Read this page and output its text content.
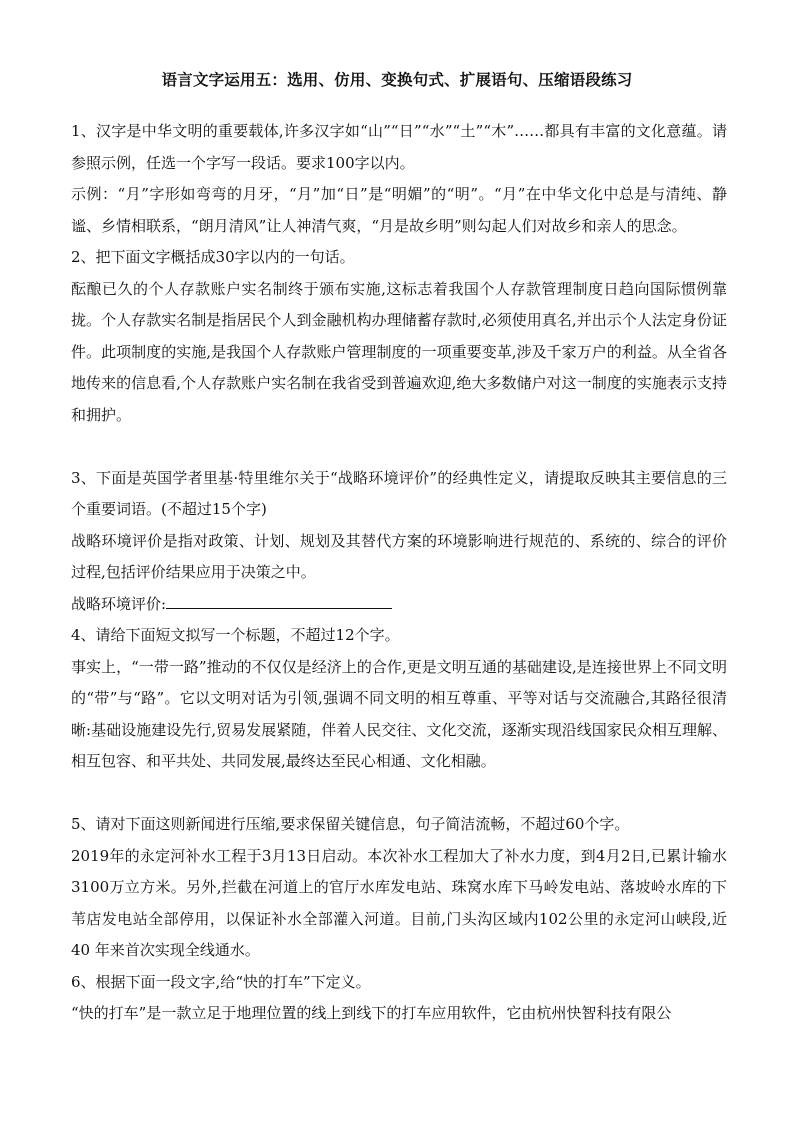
语言文字运用五：选用、仿用、变换句式、扩展语句、压缩语段练习

1、汉字是中华文明的重要载体,许多汉字如“山”“日”“水”“土”“木”……都具有丰富的文化意蕴。请参照示例，任选一个字写一段话。要求100字以内。

示例：“月”字形如弯弯的月牙，“月”加“日”是“明媚”的“明”。“月”在中华文化中总是与清纯、静谧、乡情相联系，“朗月清风”让人神清气爽，“月是故乡明”则勾起人们对故乡和亲人的思念。

2、把下面文字概括成30字以内的一句话。

酝酿已久的个人存款账户实名制终于颁布实施,这标志着我国个人存款管理制度日趋向国际惯例靠拢。个人存款实名制是指居民个人到金融机构办理储蓄存款时,必须使用真名,并出示个人法定身份证件。此项制度的实施,是我国个人存款账户管理制度的一项重要变革,涉及千家万户的利益。从全省各地传来的信息看,个人存款账户实名制在我省受到普遍欢迎,绝大多数储户对这一制度的实施表示支持和拥护。

3、下面是英国学者里基·特里维尔关于“战略环境评价”的经典性定义，请提取反映其主要信息的三个重要词语。(不超过15个字)

战略环境评价是指对政策、计划、规划及其替代方案的环境影响进行规范的、系统的、综合的评价过程,包括评价结果应用于决策之中。

战略环境评价:

4、请给下面短文拟写一个标题，不超过12个字。

事实上，“一带一路”推动的不仅仅是经济上的合作,更是文明互通的基础建设,是连接世界上不同文明的“带”与“路”。它以文明对话为引领,强调不同文明的相互尊重、平等对话与交流融合,其路径很清晰:基础设施建设先行,贸易发展紧随，伴着人民交往、文化交流，逐渐实现沿线国家民众相互理解、相互包容、和平共处、共同发展,最终达至民心相通、文化相融。

5、请对下面这则新闻进行压缩,要求保留关键信息，句子简洁流畅，不超过60个字。

2019年的永定河补水工程于3月13日启动。本次补水工程加大了补水力度，到4月2日,已累计输水3100万立方米。另外,拦截在河道上的官厅水库发电站、珠窝水库下马岭发电站、落坡岭水库的下苇店发电站全部停用，以保证补水全部灌入河道。目前,门头沟区域内102公里的永定河山峡段,近40 年来首次实现全线通水。

6、根据下面一段文字,给“快的打车”下定义。

“快的打车”是一款立足于地理位置的线上到线下的打车应用软件，它由杭州快智科技有限公
